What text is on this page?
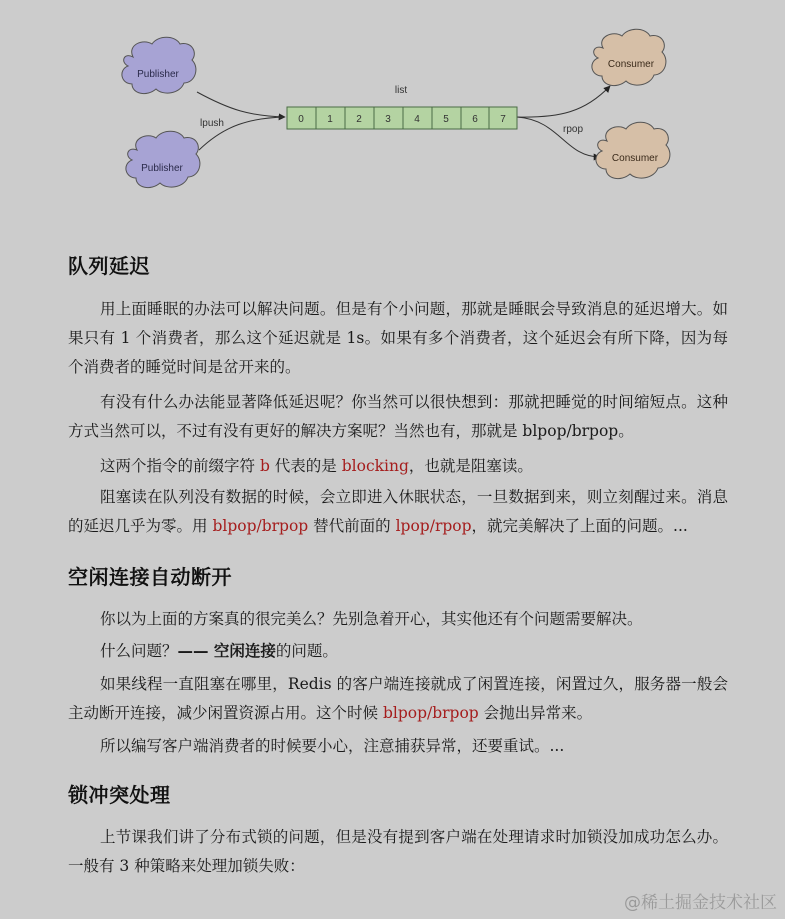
Publisher
Publisher
Consumer
Consumer
list
lpush
rpop
0 1 2 3 4 5 6 7
队列延迟
用上面睡眠的办法可以解决问题。但是有个小问题，那就是睡眠会导致消息的延迟增大。如果只有 1 个消费者，那么这个延迟就是 1s。如果有多个消费者，这个延迟会有所下降，因为每个消费者的睡觉时间是岔开来的。
有没有什么办法能显著降低延迟呢？你当然可以很快想到：那就把睡觉的时间缩短点。这种方式当然可以，不过有没有更好的解决方案呢？当然也有，那就是 blpop/brpop。
这两个指令的前缀字符 b 代表的是 blocking，也就是阻塞读。
阻塞读在队列没有数据的时候，会立即进入休眠状态，一旦数据到来，则立刻醒过来。消息的延迟几乎为零。用 blpop/brpop 替代前面的 lpop/rpop，就完美解决了上面的问题。...
空闲连接自动断开
你以为上面的方案真的很完美么？先别急着开心，其实他还有个问题需要解决。
什么问题？—— 空闲连接的问题。
如果线程一直阻塞在哪里，Redis 的客户端连接就成了闲置连接，闲置过久，服务器一般会主动断开连接，减少闲置资源占用。这个时候 blpop/brpop 会抛出异常来。
所以编写客户端消费者的时候要小心，注意捕获异常，还要重试。...
锁冲突处理
上节课我们讲了分布式锁的问题，但是没有提到客户端在处理请求时加锁没加成功怎么办。一般有 3 种策略来处理加锁失败：
@稀土掘金技术社区
